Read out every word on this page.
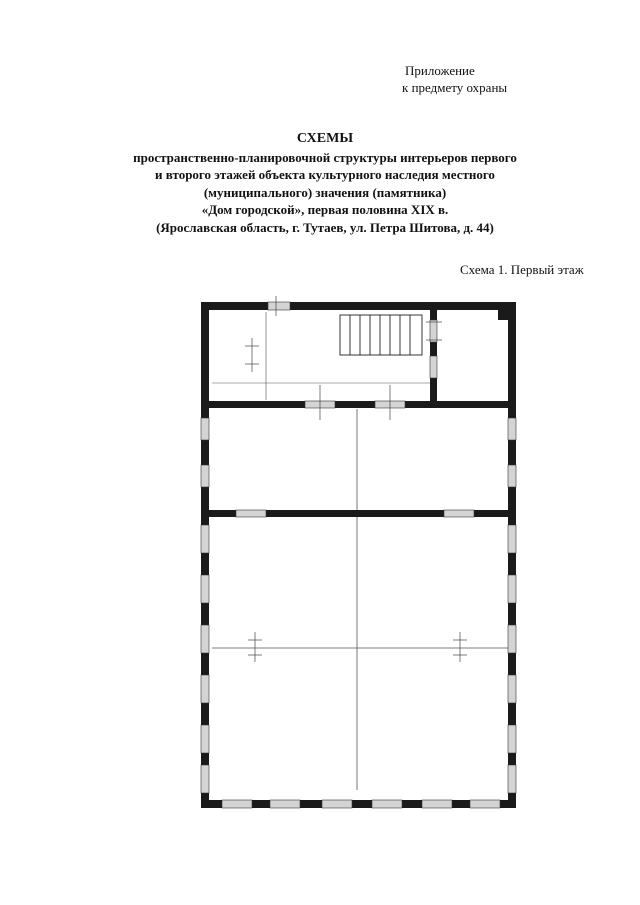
Приложение
к предмету охраны
СХЕМЫ
пространственно-планировочной структуры интерьеров первого
и второго этажей объекта культурного наследия местного
(муниципального) значения (памятника)
«Дом городской», первая половина XIX в.
(Ярославская область, г. Тутаев, ул. Петра Шитова, д. 44)
Схема 1. Первый этаж
